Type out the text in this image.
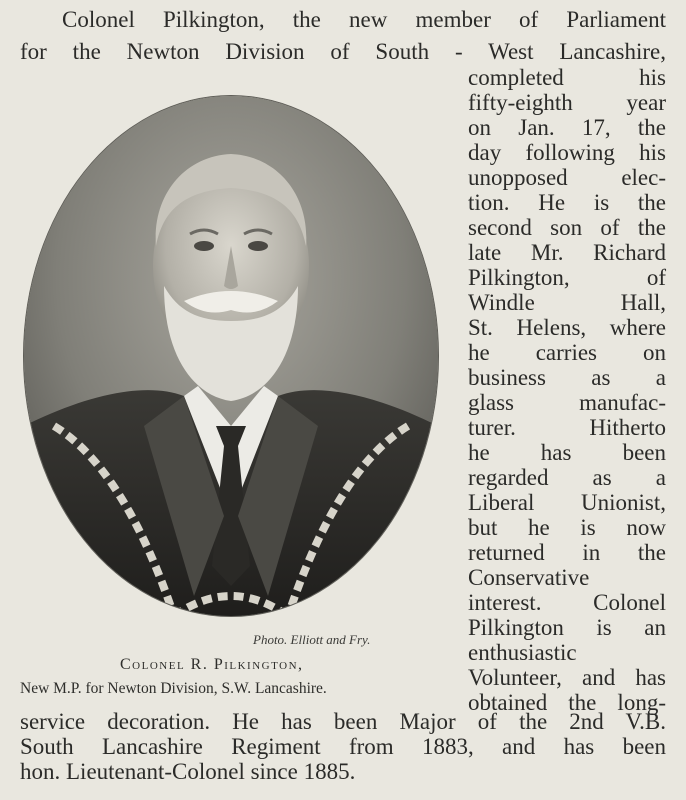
Colonel Pilkington, the new member of Parliament
for the Newton Division of South - West Lancashire,
completed his
fifty-eighth year
on Jan. 17, the
day following his
unopposed elec-
tion. He is the
second son of the
late Mr. Richard
Pilkington, of
Windle Hall,
St. Helens, where
he carries on
business as a
glass manufac-
turer. Hitherto
he has been
regarded as a
Liberal Unionist,
but he is now
returned in the
Conservative
interest. Colonel
Pilkington is an
enthusiastic
Volunteer, and has
obtained the long-
service decoration. He has been Major of the 2nd V.B.
South Lancashire Regiment from 1883, and has been
hon. Lieutenant-Colonel since 1885.
Photo. Elliott and Fry.
Colonel R. Pilkington,
New M.P. for Newton Division, S.W. Lancashire.
